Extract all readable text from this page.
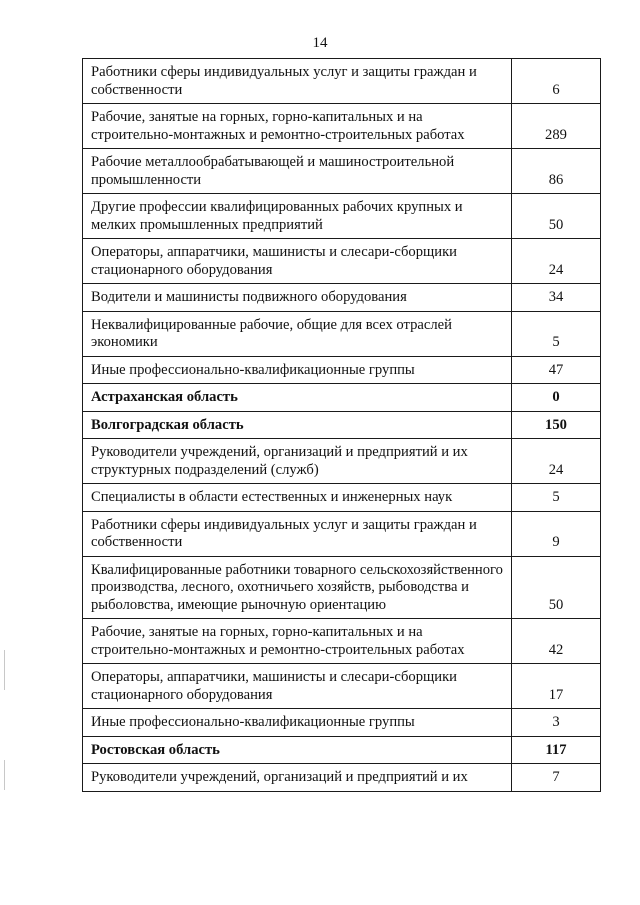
14
Работники сферы индивидуальных услуг и защиты граждан и собственности	6
Рабочие, занятые на горных, горно-капитальных и на строительно-монтажных и ремонтно-строительных работах	289
Рабочие металлообрабатывающей и машиностроительной промышленности	86
Другие профессии квалифицированных рабочих крупных и мелких промышленных предприятий	50
Операторы, аппаратчики, машинисты и слесари-сборщики стационарного оборудования	24
Водители и машинисты подвижного оборудования	34
Неквалифицированные рабочие, общие для всех отраслей экономики	5
Иные профессионально-квалификационные группы	47
Астраханская область	0
Волгоградская область	150
Руководители учреждений, организаций и предприятий и их структурных подразделений (служб)	24
Специалисты в области естественных и инженерных наук	5
Работники сферы индивидуальных услуг и защиты граждан и собственности	9
Квалифицированные работники товарного сельскохозяйственного производства, лесного, охотничьего хозяйств, рыбоводства и рыболовства, имеющие рыночную ориентацию	50
Рабочие, занятые на горных, горно-капитальных и на строительно-монтажных и ремонтно-строительных работах	42
Операторы, аппаратчики, машинисты и слесари-сборщики стационарного оборудования	17
Иные профессионально-квалификационные группы	3
Ростовская область	117
Руководители учреждений, организаций и предприятий и их	7
